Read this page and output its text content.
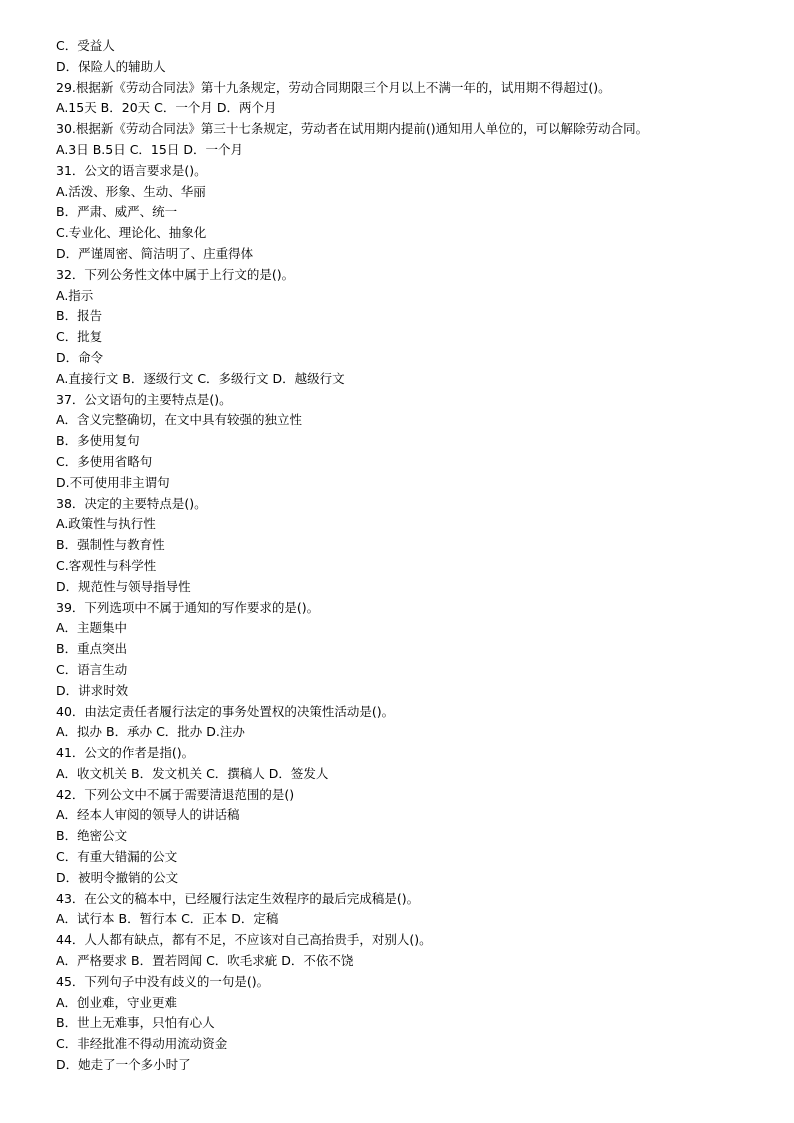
C．受益人
D．保险人的辅助人
29.根据新《劳动合同法》第十九条规定，劳动合同期限三个月以上不满一年的，试用期不得超过()。
A.15天 B．20天 C．一个月 D．两个月
30.根据新《劳动合同法》第三十七条规定，劳动者在试用期内提前()通知用人单位的，可以解除劳动合同。
A.3日 B.5日 C．15日 D．一个月
31．公文的语言要求是()。
A.活泼、形象、生动、华丽
B．严肃、威严、统一
C.专业化、理论化、抽象化
D．严谨周密、简洁明了、庄重得体
32．下列公务性文体中属于上行文的是()。
A.指示
B．报告
C．批复
D．命令
A.直接行文 B．逐级行文 C．多级行文 D．越级行文
37．公文语句的主要特点是()。
A．含义完整确切，在文中具有较强的独立性
B．多使用复句
C．多使用省略句
D.不可使用非主谓句
38．决定的主要特点是()。
A.政策性与执行性
B．强制性与教育性
C.客观性与科学性
D．规范性与领导指导性
39．下列选项中不属于通知的写作要求的是()。
A．主题集中
B．重点突出
C．语言生动
D．讲求时效
40．由法定责任者履行法定的事务处置权的决策性活动是()。
A．拟办 B．承办 C．批办 D.注办
41．公文的作者是指()。
A．收文机关 B．发文机关 C．撰稿人 D．签发人
42．下列公文中不属于需要清退范围的是()
A．经本人审阅的领导人的讲话稿
B．绝密公文
C．有重大错漏的公文
D．被明令撤销的公文
43．在公文的稿本中，已经履行法定生效程序的最后完成稿是()。
A．试行本 B．暂行本 C．正本 D．定稿
44．人人都有缺点，都有不足，不应该对自己高抬贵手，对别人()。
A．严格要求 B．置若罔闻 C．吹毛求疵 D．不依不饶
45．下列句子中没有歧义的一句是()。
A．创业难，守业更难
B．世上无难事，只怕有心人
C．非经批准不得动用流动资金
D．她走了一个多小时了
